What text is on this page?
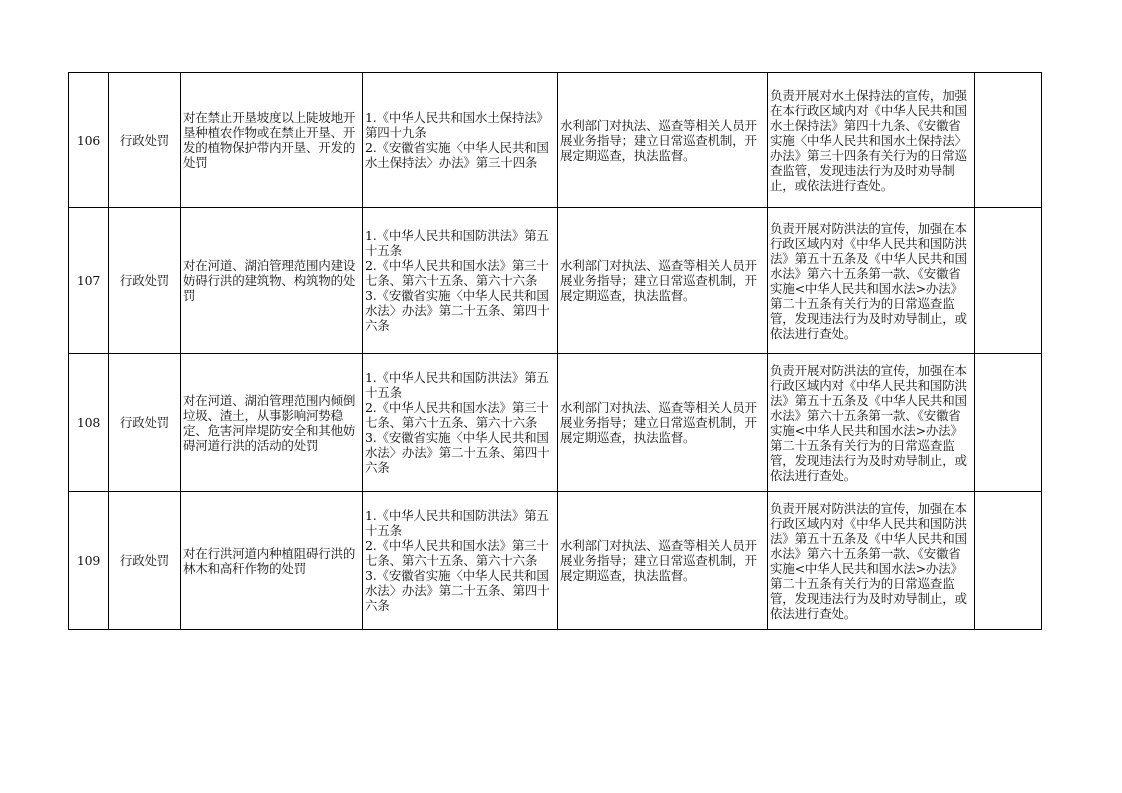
106	行政处罚	对在禁止开垦坡度以上陡坡地开垦种植农作物或在禁止开垦、开发的植物保护带内开垦、开发的处罚	1.《中华人民共和国水土保持法》第四十九条
2.《安徽省实施〈中华人民共和国水土保持法〉办法》第三十四条	水利部门对执法、巡查等相关人员开展业务指导；建立日常巡查机制，开展定期巡查，执法监督。	负责开展对水土保持法的宣传，加强在本行政区域内对《中华人民共和国水土保持法》第四十九条、《安徽省实施〈中华人民共和国水土保持法〉办法》第三十四条有关行为的日常巡查监管，发现违法行为及时劝导制止，或依法进行查处。	
107	行政处罚	对在河道、湖泊管理范围内建设妨碍行洪的建筑物、构筑物的处罚	1.《中华人民共和国防洪法》第五十五条
2.《中华人民共和国水法》第三十七条、第六十五条、第六十六条
3.《安徽省实施〈中华人民共和国水法〉办法》第二十五条、第四十六条	水利部门对执法、巡查等相关人员开展业务指导；建立日常巡查机制，开展定期巡查，执法监督。	负责开展对防洪法的宣传，加强在本行政区域内对《中华人民共和国防洪法》第五十五条及《中华人民共和国水法》第六十五条第一款、《安徽省实施<中华人民共和国水法>办法》第二十五条有关行为的日常巡查监管，发现违法行为及时劝导制止，或依法进行查处。	
108	行政处罚	对在河道、湖泊管理范围内倾倒垃圾、渣土，从事影响河势稳定、危害河岸堤防安全和其他妨碍河道行洪的活动的处罚	1.《中华人民共和国防洪法》第五十五条
2.《中华人民共和国水法》第三十七条、第六十五条、第六十六条
3.《安徽省实施〈中华人民共和国水法〉办法》第二十五条、第四十六条	水利部门对执法、巡查等相关人员开展业务指导；建立日常巡查机制，开展定期巡查，执法监督。	负责开展对防洪法的宣传，加强在本行政区域内对《中华人民共和国防洪法》第五十五条及《中华人民共和国水法》第六十五条第一款、《安徽省实施<中华人民共和国水法>办法》第二十五条有关行为的日常巡查监管，发现违法行为及时劝导制止，或依法进行查处。	
109	行政处罚	对在行洪河道内种植阻碍行洪的林木和高秆作物的处罚	1.《中华人民共和国防洪法》第五十五条
2.《中华人民共和国水法》第三十七条、第六十五条、第六十六条
3.《安徽省实施〈中华人民共和国水法〉办法》第二十五条、第四十六条	水利部门对执法、巡查等相关人员开展业务指导；建立日常巡查机制，开展定期巡查，执法监督。	负责开展对防洪法的宣传，加强在本行政区域内对《中华人民共和国防洪法》第五十五条及《中华人民共和国水法》第六十五条第一款、《安徽省实施<中华人民共和国水法>办法》第二十五条有关行为的日常巡查监管，发现违法行为及时劝导制止，或依法进行查处。	
